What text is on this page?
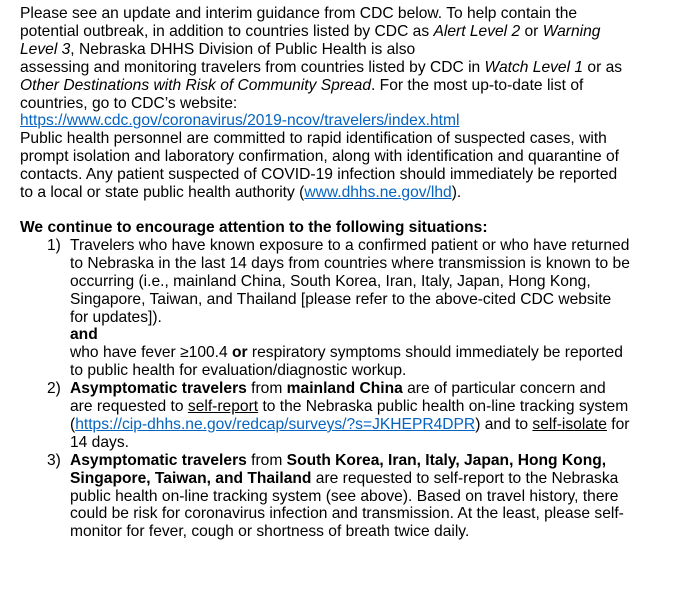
Please see an update and interim guidance from CDC below. To help contain the
potential outbreak, in addition to countries listed by CDC as Alert Level 2 or Warning
Level 3, Nebraska DHHS Division of Public Health is also
assessing and monitoring travelers from countries listed by CDC in Watch Level 1 or as
Other Destinations with Risk of Community Spread. For the most up-to-date list of
countries, go to CDC’s website:
https://www.cdc.gov/coronavirus/2019-ncov/travelers/index.html

Public health personnel are committed to rapid identification of suspected cases, with
prompt isolation and laboratory confirmation, along with identification and quarantine of
contacts. Any patient suspected of COVID-19 infection should immediately be reported
to a local or state public health authority (www.dhhs.ne.gov/lhd).

We continue to encourage attention to the following situations:

1) Travelers who have known exposure to a confirmed patient or who have returned
to Nebraska in the last 14 days from countries where transmission is known to be
occurring (i.e., mainland China, South Korea, Iran, Italy, Japan, Hong Kong,
Singapore, Taiwan, and Thailand [please refer to the above-cited CDC website
for updates]).
and
who have fever ≥100.4 or respiratory symptoms should immediately be reported
to public health for evaluation/diagnostic workup.
2) Asymptomatic travelers from mainland China are of particular concern and
are requested to self-report to the Nebraska public health on-line tracking system
(https://cip-dhhs.ne.gov/redcap/surveys/?s=JKHEPR4DPR) and to self-isolate for
14 days.
3) Asymptomatic travelers from South Korea, Iran, Italy, Japan, Hong Kong,
Singapore, Taiwan, and Thailand are requested to self-report to the Nebraska
public health on-line tracking system (see above). Based on travel history, there
could be risk for coronavirus infection and transmission. At the least, please self-
monitor for fever, cough or shortness of breath twice daily.
